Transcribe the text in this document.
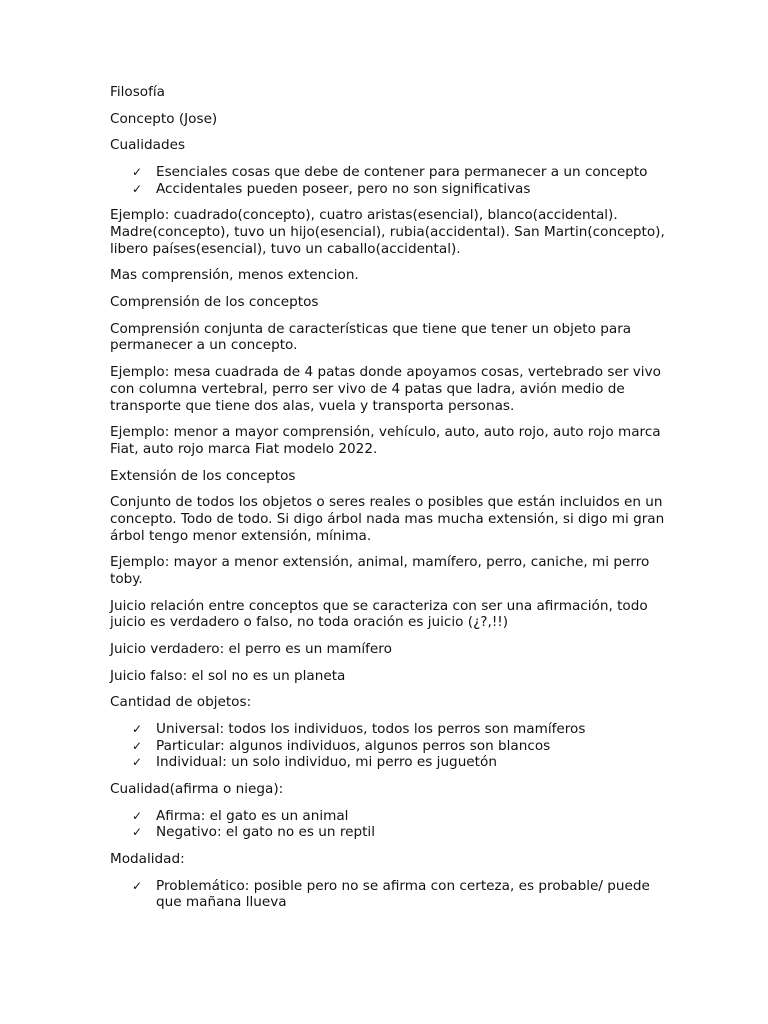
Filosofía

Concepto (Jose)

Cualidades

✓ Esenciales cosas que debe de contener para permanecer a un concepto
✓ Accidentales pueden poseer, pero no son significativas

Ejemplo: cuadrado(concepto), cuatro aristas(esencial), blanco(accidental). Madre(concepto), tuvo un hijo(esencial), rubia(accidental). San Martin(concepto), libero países(esencial), tuvo un caballo(accidental).

Mas comprensión, menos extencion.

Comprensión de los conceptos

Comprensión conjunta de características que tiene que tener un objeto para permanecer a un concepto.

Ejemplo: mesa cuadrada de 4 patas donde apoyamos cosas, vertebrado ser vivo con columna vertebral, perro ser vivo de 4 patas que ladra, avión medio de transporte que tiene dos alas, vuela y transporta personas.

Ejemplo: menor a mayor comprensión, vehículo, auto, auto rojo, auto rojo marca Fiat, auto rojo marca Fiat modelo 2022.

Extensión de los conceptos

Conjunto de todos los objetos o seres reales o posibles que están incluidos en un concepto. Todo de todo. Si digo árbol nada mas mucha extensión, si digo mi gran árbol tengo menor extensión, mínima.

Ejemplo: mayor a menor extensión, animal, mamífero, perro, caniche, mi perro toby.

Juicio relación entre conceptos que se caracteriza con ser una afirmación, todo juicio es verdadero o falso, no toda oración es juicio (¿?,!!)

Juicio verdadero: el perro es un mamífero

Juicio falso: el sol no es un planeta

Cantidad de objetos:

✓ Universal: todos los individuos, todos los perros son mamíferos
✓ Particular: algunos individuos, algunos perros son blancos
✓ Individual: un solo individuo, mi perro es juguetón

Cualidad(afirma o niega):

✓ Afirma: el gato es un animal
✓ Negativo: el gato no es un reptil

Modalidad:

✓ Problemático: posible pero no se afirma con certeza, es probable/ puede que mañana llueva
